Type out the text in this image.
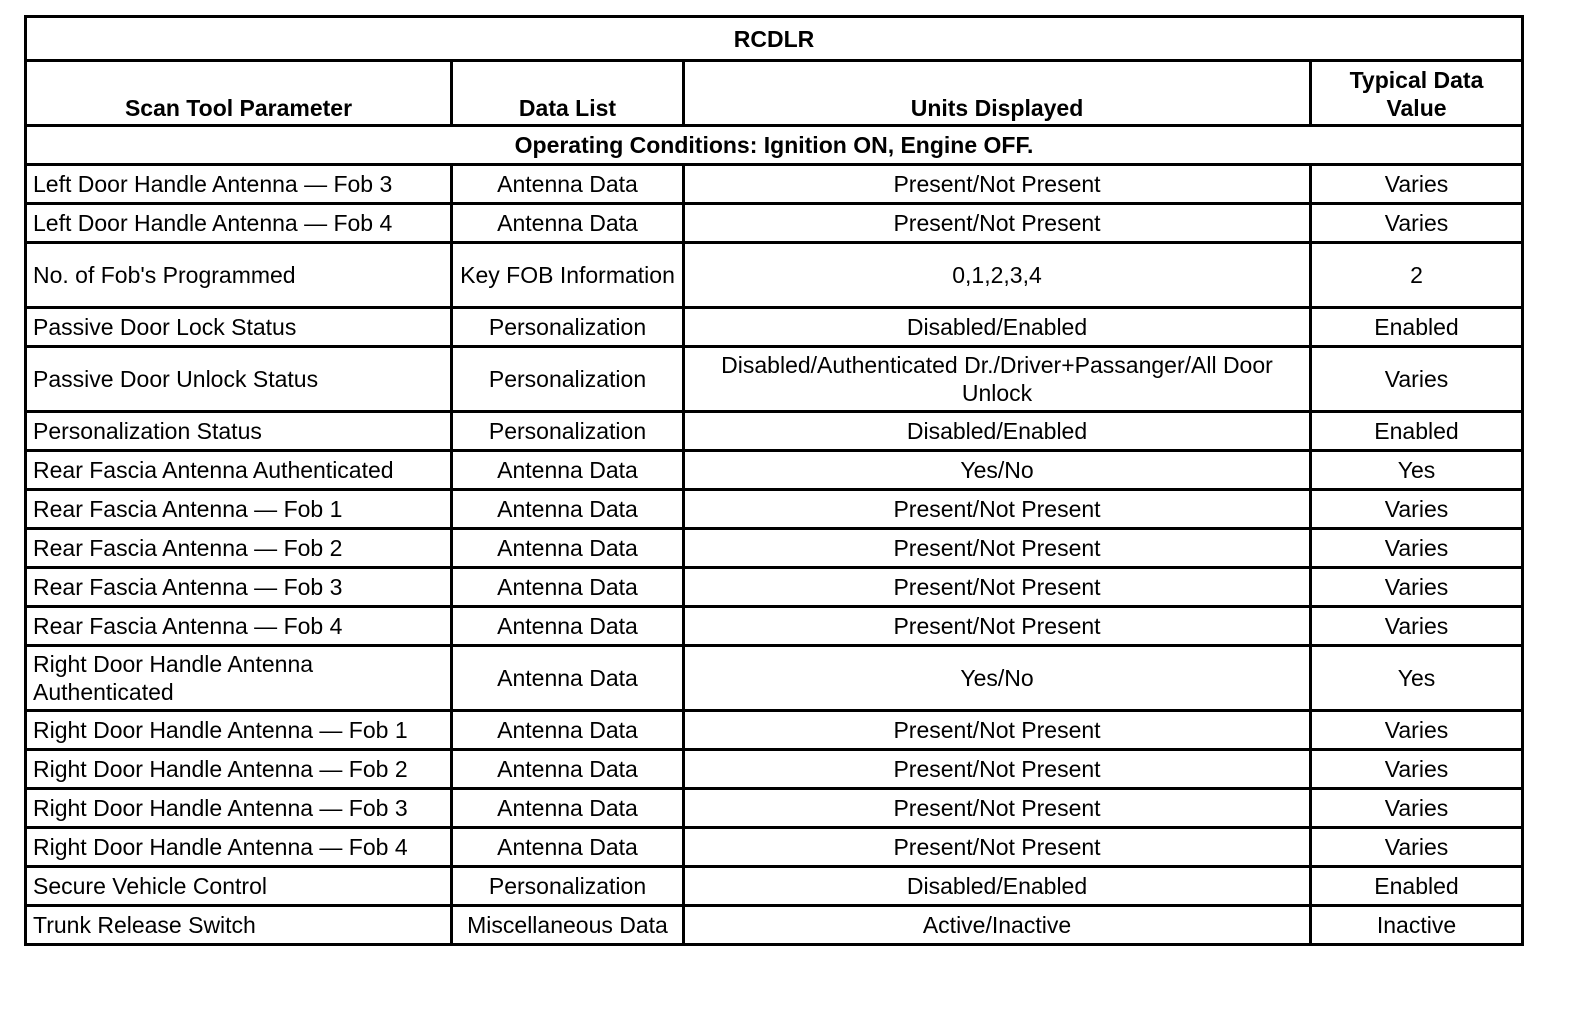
RCDLR			
Scan Tool Parameter	Data List	Units Displayed	Typical Data Value
Operating Conditions: Ignition ON, Engine OFF.			
Left Door Handle Antenna — Fob 3	Antenna Data	Present/Not Present	Varies
Left Door Handle Antenna — Fob 4	Antenna Data	Present/Not Present	Varies
No. of Fob's Programmed	Key FOB Information	0,1,2,3,4	2
Passive Door Lock Status	Personalization	Disabled/Enabled	Enabled
Passive Door Unlock Status	Personalization	Disabled/Authenticated Dr./Driver+Passanger/All Door Unlock	Varies
Personalization Status	Personalization	Disabled/Enabled	Enabled
Rear Fascia Antenna Authenticated	Antenna Data	Yes/No	Yes
Rear Fascia Antenna — Fob 1	Antenna Data	Present/Not Present	Varies
Rear Fascia Antenna — Fob 2	Antenna Data	Present/Not Present	Varies
Rear Fascia Antenna — Fob 3	Antenna Data	Present/Not Present	Varies
Rear Fascia Antenna — Fob 4	Antenna Data	Present/Not Present	Varies
Right Door Handle Antenna Authenticated	Antenna Data	Yes/No	Yes
Right Door Handle Antenna — Fob 1	Antenna Data	Present/Not Present	Varies
Right Door Handle Antenna — Fob 2	Antenna Data	Present/Not Present	Varies
Right Door Handle Antenna — Fob 3	Antenna Data	Present/Not Present	Varies
Right Door Handle Antenna — Fob 4	Antenna Data	Present/Not Present	Varies
Secure Vehicle Control	Personalization	Disabled/Enabled	Enabled
Trunk Release Switch	Miscellaneous Data	Active/Inactive	Inactive
